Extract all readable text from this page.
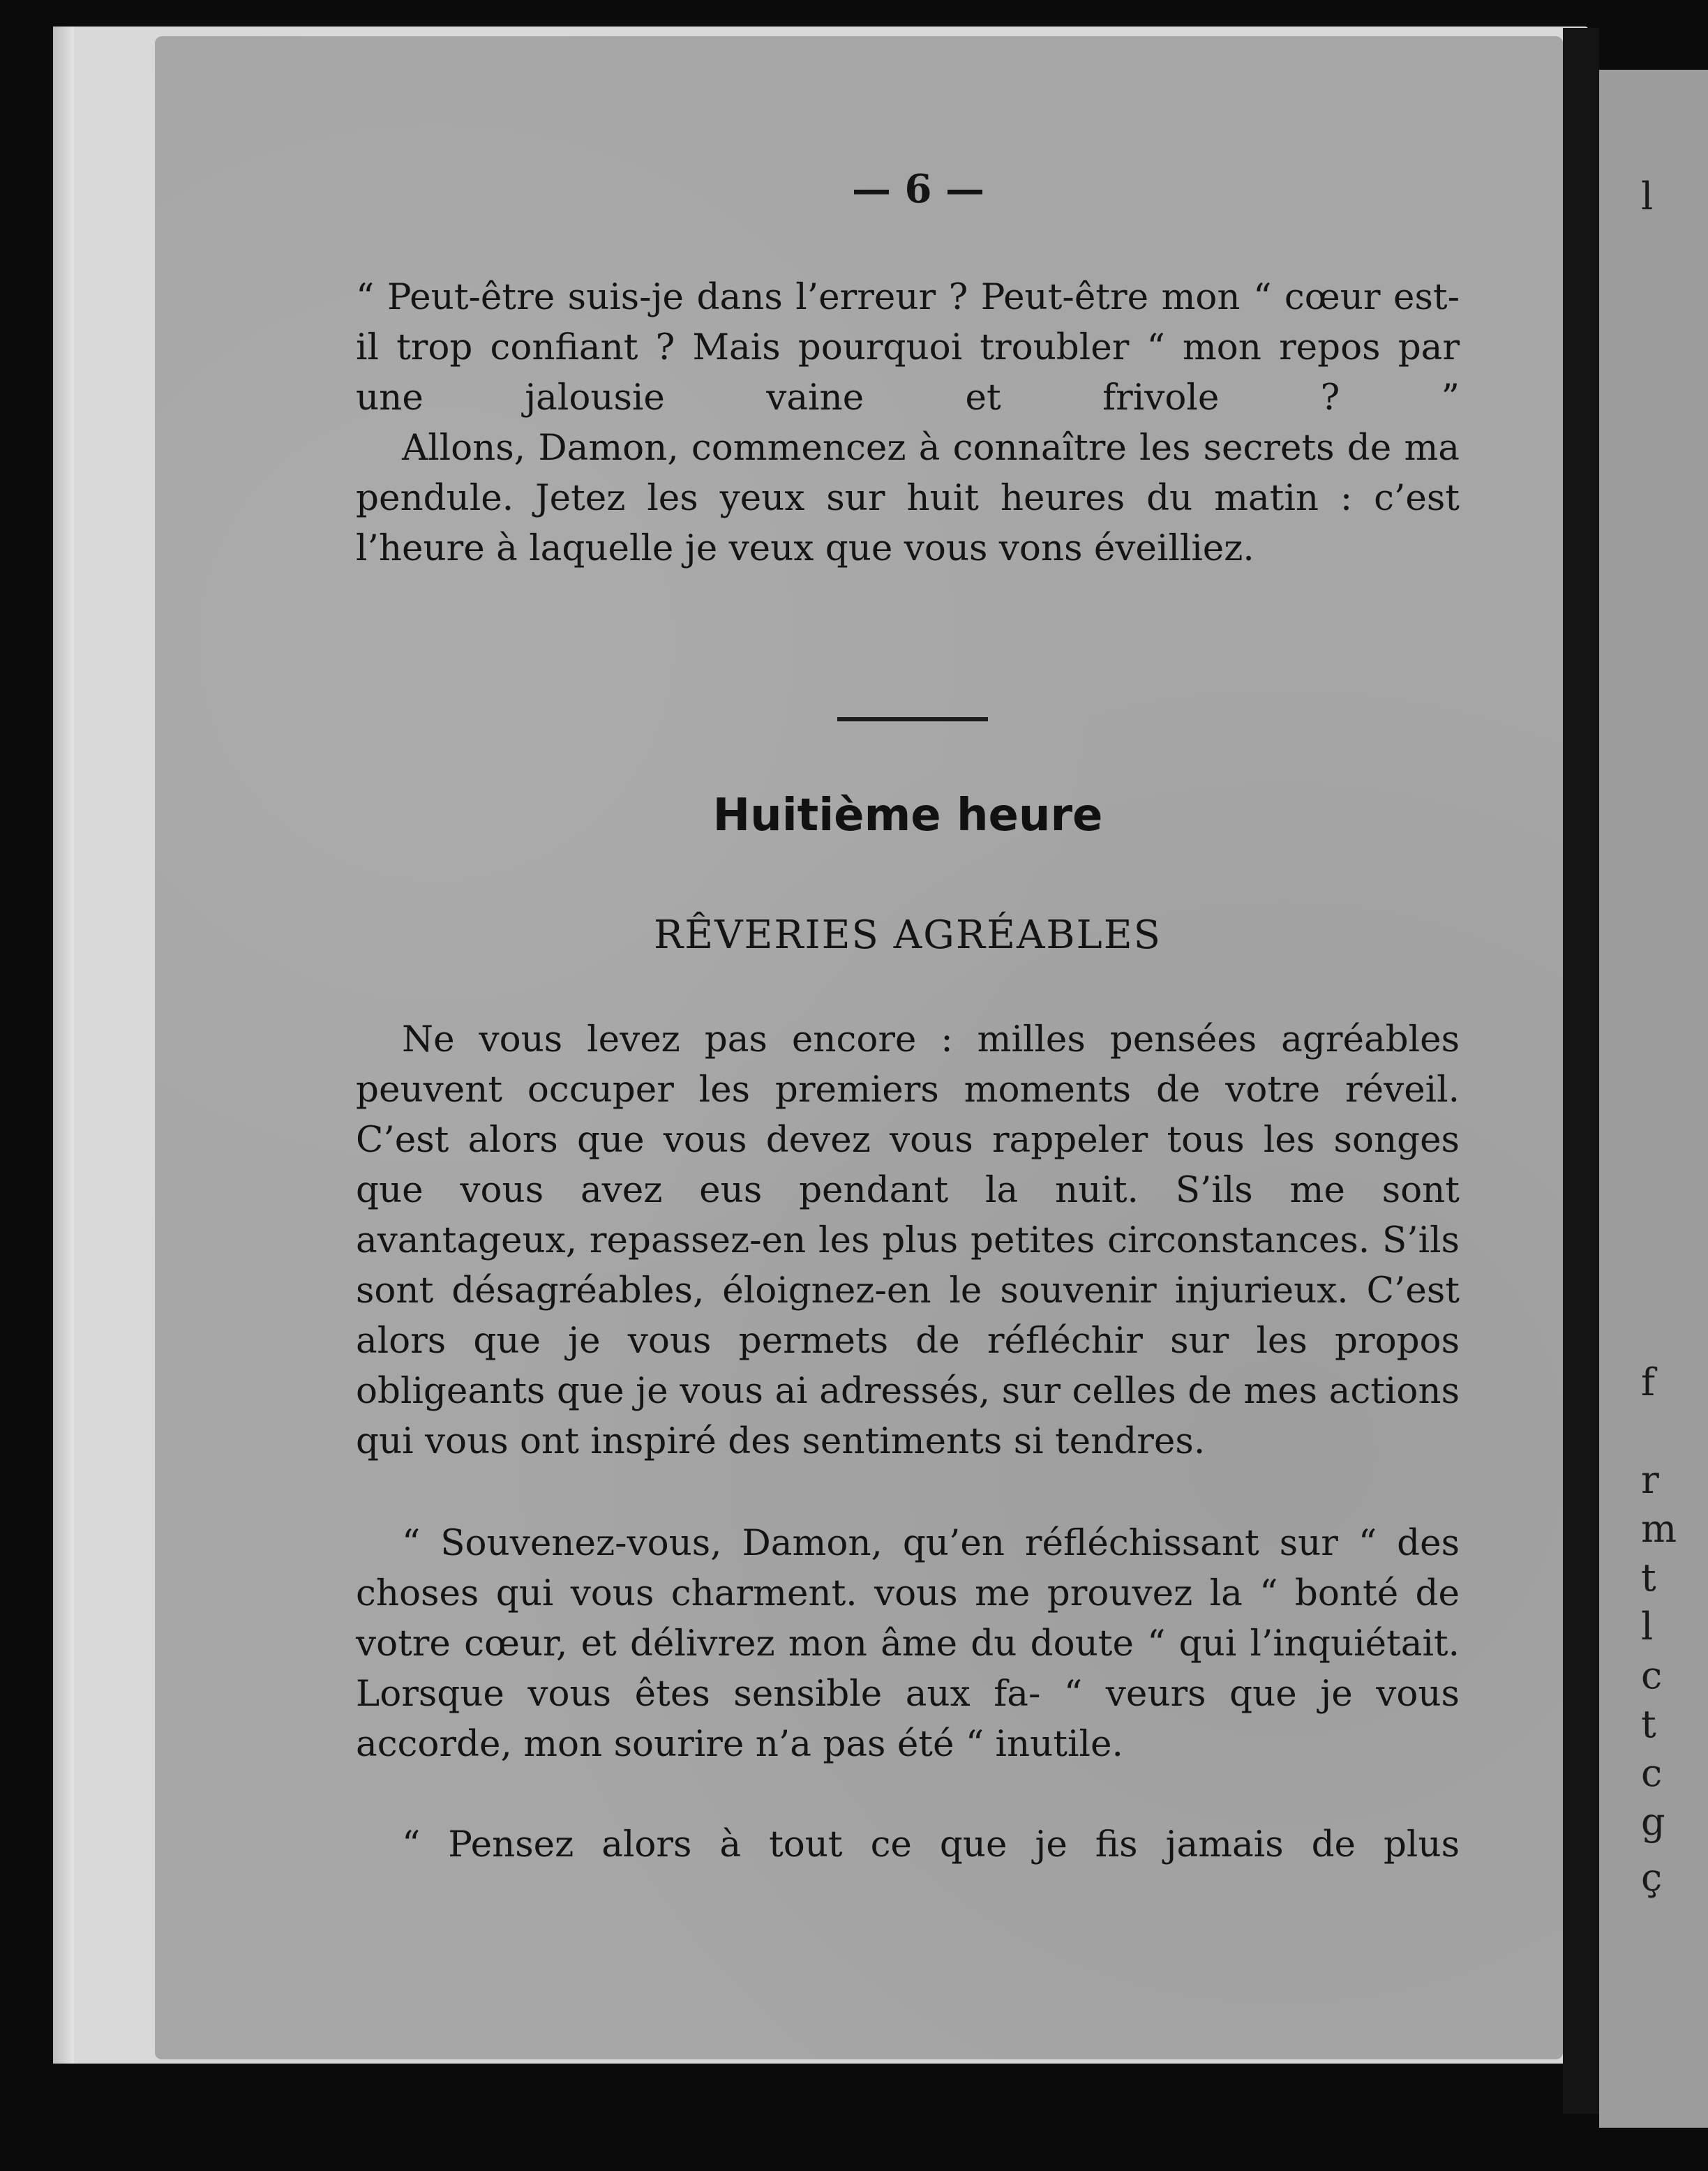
— 6 —

“ Peut-être suis-je dans l’erreur ? Peut-être mon “ cœur est-il trop confiant ? Mais pourquoi troubler “ mon repos par une jalousie vaine et frivole ? ”

Allons, Damon, commencez à connaître les secrets de ma pendule. Jetez les yeux sur huit heures du matin : c’est l’heure à laquelle je veux que vous vons éveilliez.

Huitième heure
RÊVERIES AGRÉABLES

Ne vous levez pas encore : milles pensées agréables peuvent occuper les premiers moments de votre réveil. C’est alors que vous devez vous rappeler tous les songes que vous avez eus pendant la nuit. S’ils me sont avantageux, repassez-en les plus petites circonstances. S’ils sont désagréables, éloignez-en le souvenir injurieux. C’est alors que je vous permets de réfléchir sur les propos obligeants que je vous ai adressés, sur celles de mes actions qui vous ont inspiré des sentiments si tendres.

“ Souvenez-vous, Damon, qu’en réfléchissant sur “ des choses qui vous charment. vous me prouvez la “ bonté de votre cœur, et délivrez mon âme du doute “ qui l’inquiétait. Lorsque vous êtes sensible aux fa- “ veurs que je vous accorde, mon sourire n’a pas été “ inutile.

“ Pensez alors à tout ce que je fis jamais de plus

l
f
r
m
t
l
c
t
c
g
ç
